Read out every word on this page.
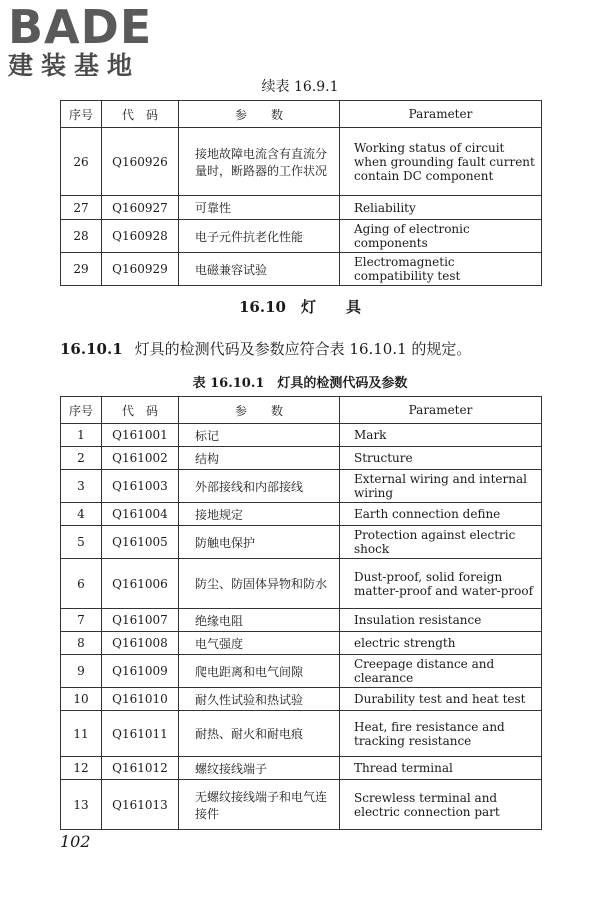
BADE
建装基地
续表 16.9.1
序号	代　码	参　　数	Parameter
26	Q160926	接地故障电流含有直流分量时，断路器的工作状况	Working status of circuit when grounding fault current contain DC component
27	Q160927	可靠性	Reliability
28	Q160928	电子元件抗老化性能	Aging of electronic components
29	Q160929	电磁兼容试验	Electromagnetic compatibility test
16.10　灯　　具
16.10.1 灯具的检测代码及参数应符合表 16.10.1 的规定。
表 16.10.1　灯具的检测代码及参数
序号	代　码	参　　数	Parameter
1	Q161001	标记	Mark
2	Q161002	结构	Structure
3	Q161003	外部接线和内部接线	External wiring and internal wiring
4	Q161004	接地规定	Earth connection define
5	Q161005	防触电保护	Protection against electric shock
6	Q161006	防尘、防固体异物和防水	Dust-proof, solid foreign matter-proof and water-proof
7	Q161007	绝缘电阻	Insulation resistance
8	Q161008	电气强度	electric strength
9	Q161009	爬电距离和电气间隙	Creepage distance and clearance
10	Q161010	耐久性试验和热试验	Durability test and heat test
11	Q161011	耐热、耐火和耐电痕	Heat, fire resistance and tracking resistance
12	Q161012	螺纹接线端子	Thread terminal
13	Q161013	无螺纹接线端子和电气连接件	Screwless terminal and electric connection part
102
